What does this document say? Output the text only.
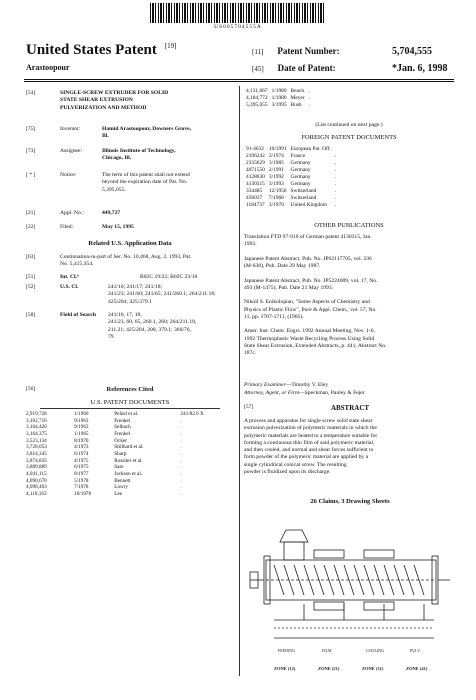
US005704555A
United States Patent [19]
Arastoopour
[11] Patent Number:	5,704,555
[45] Date of Patent:	*Jan. 6, 1998
[54]	SINGLE-SCREW EXTRUDER FOR SOLID
STATE SHEAR EXTRUSION
PULVERIZATION AND METHOD
[75]	Inventor:	Hamid Arastoopour, Downers Grove,
Ill.
[73]	Assignee:	Illinois Institute of Technology,
Chicago, Ill.
[ * ]	Notice:	The term of this patent shall not extend
beyond the expiration date of Pat. No.
5,395,055.
[21]	Appl. No.:	449,727
[22]	Filed:	May 15, 1995
Related U.S. Application Data
[63]	Continuation-in-part of Ser. No. 10,468, Aug. 2, 1993, Pat.
No. 5,415,354.
[51]	Int. Cl.⁶	B02C 19/22; B02C 23/18
[52]	U.S. Cl.	241/16; 241/17; 241/18;
241/23; 241/60; 241/65; 241/260.1; 264/211.18;
425/204; 425/379.1
[58]	Field of Search 241/16, 17, 18,
241/23, 60, 65, 260.1, 260; 264/211.18,
211.21; 425/204, 208, 379.1; 366/76,
79
[56]	References Cited
U.S. PATENT DOCUMENTS
2,919,728	1/1960	Pelzel et al.	241/82.6 X
3,102,716	9/1963	Frenkel	.
3,104,420	9/1963	Selbach	.
3,164,375	1/1965	Frenkel	.
3,523,134	8/1970	Ocker	.
3,728,053	4/1973	Stillhard et al.	.
3,814,345	6/1974	Sharp	.
3,874,835	4/1975	Rossiter et al.	.
3,889,889	6/1975	Sato	.
4,041,115	8/1977	Jackson et al.	.
4,090,670	5/1978	Bennett	.
4,098,463	7/1978	Lowry	.
4,118,163	10/1978	Lee	.
4,131,667	1/1980	Beach	.
4,184,772	1/1980	Meyer	.
5,395,055	3/1995	Bush	.
(List continued on next page.)
FOREIGN PATENT DOCUMENTS
91-4632	10/1991	European Pat. Off.	
2196242	3/1974	France	.
2335629	3/1985	Germany	.
4071550	2/1991	Germany	.
4128630	3/1992	Germany	.
4130315	3/1993	Germany	.
334485	12/1958	Switzerland	.
456037	7/1968	Switzerland	.
1184737	3/1970	United Kingdom	.
OTHER PUBLICATIONS
Translation FTD 97-910 of German patent 4130315, Jan.
1993.

Japanese Patent Abstract, Pub. No. JP62117705, vol. 336
(M-638), Pub. Date 29 May 1987.

Japanese Patent Abstract, Pub. No. JP5224009, vol. 17, No.
493 (M-1475), Pub. Date 21 May 1993.

Nikoll S. Enikolopian, "Some Aspects of Chemistry and
Physics of Plastic Flow", Pure & Appl. Chem., vol. 57, No.
11, pp. 1707-1711, (1985).

Amer. Inst. Chem. Engrs. 1992 Annual Meeting, Nov. 1-6,
1992 Thermoplastic Waste Recycling Process Using Solid
State Shear Extrusion, Extended Abstracts, p. 441, Abstract No.
187c.
Primary Examiner—Timothy V. Eley
Attorney, Agent, or Firm—Speckman, Pauley & Fejer
[57]	ABSTRACT
A process and apparatus for single screw solid state shear
extrusion pulverization of polymeric materials in which the
polymeric materials are heated to a temperature suitable for
forming a continuous thin film of said polymeric material,
and then cooled, and normal and shear forces sufficient to
form powder of the polymeric material are applied by a
single cylindrical conical screw. The resulting
powder is fluidized upon its discharge.
26 Claims, 3 Drawing Sheets
FEEDING	FILM	COOLING	PULV.
ZONE (12)	ZONE (21)	ZONE (31)	ZONE (41)
